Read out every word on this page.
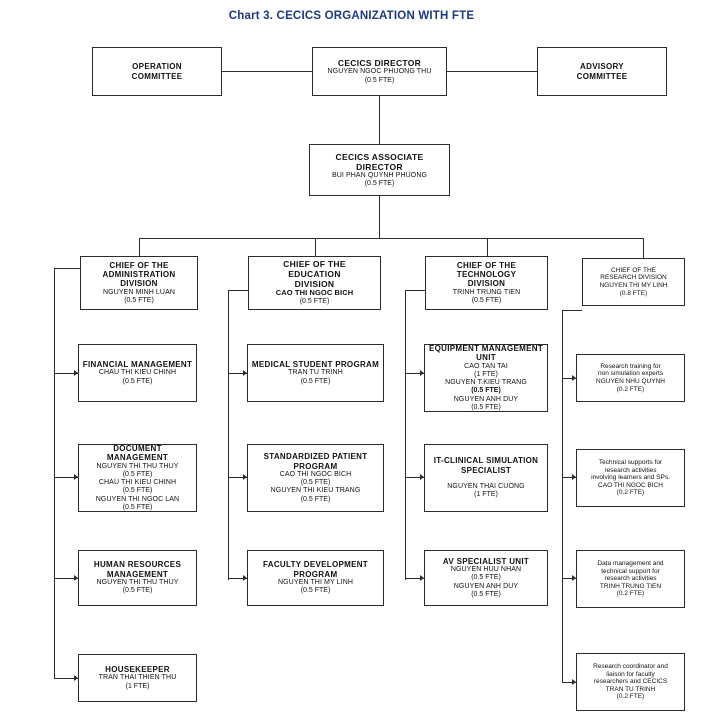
Chart 3. CECICS ORGANIZATION WITH FTE
OPERATION
COMMITTEE
CECICS DIRECTOR
NGUYEN NGOC PHUONG THU
(0.5 FTE)
ADVISORY
COMMITTEE
CECICS ASSOCIATE
DIRECTOR
BUI PHAN QUYNH PHUONG
(0.5 FTE)
CHIEF OF THE
ADMINISTRATION
DIVISION
NGUYEN MINH LUAN
(0.5 FTE)
CHIEF OF THE
EDUCATION
DIVISION
CAO THI NGOC BICH
(0.5 FTE)
CHIEF OF THE
TECHNOLOGY
DIVISION
TRINH TRUNG TIEN
(0.5 FTE)
CHIEF OF THE
RESEARCH DIVISION
NGUYEN THI MY LINH
(0.8 FTE)
FINANCIAL MANAGEMENT
CHAU THI KIEU CHINH
(0.5 FTE)
DOCUMENT MANAGEMENT
NGUYEN THI THU THUY
(0.5 FTE)
CHAU THI KIEU CHINH
(0.5 FTE)
NGUYEN THI NGOC LAN
(0.5 FTE)
HUMAN RESOURCES
MANAGEMENT
NGUYEN THI THU THUY
(0.5 FTE)
HOUSEKEEPER
TRAN THAI THIEN THU
(1 FTE)
MEDICAL STUDENT PROGRAM
TRAN TU TRINH
(0.5 FTE)
STANDARDIZED PATIENT
PROGRAM
CAO THI NGOC BICH
(0.5 FTE)
NGUYEN THI KIEU TRANG
(0.5 FTE)
FACULTY DEVELOPMENT
PROGRAM
NGUYEN THI MY LINH
(0.5 FTE)
EQUIPMENT MANAGEMENT
UNIT
CAO TAN TAI
(1 FTE)
NGUYEN T.KIEU TRANG
(0.5 FTE)
NGUYEN ANH DUY
(0.5 FTE)
IT-CLINICAL SIMULATION
SPECIALIST
NGUYEN THAI CUONG
(1 FTE)
AV SPECIALIST UNIT
NGUYEN HUU NHAN
(0.5 FTE)
NGUYEN ANH DUY
(0.5 FTE)
Research training for
non simulation experts
NGUYEN NHU QUYNH
(0.2 FTE)
Technical supports for
research activities
involving learners and SPs.
CAO THI NGOC BICH
(0.2 FTE)
Data management and
technical support for
research activities
TRINH TRUNG TIEN
(0.2 FTE)
Research coordinator and
liaison for faculty
researchers and CECICS
TRAN TU TRINH
(0.2 FTE)
